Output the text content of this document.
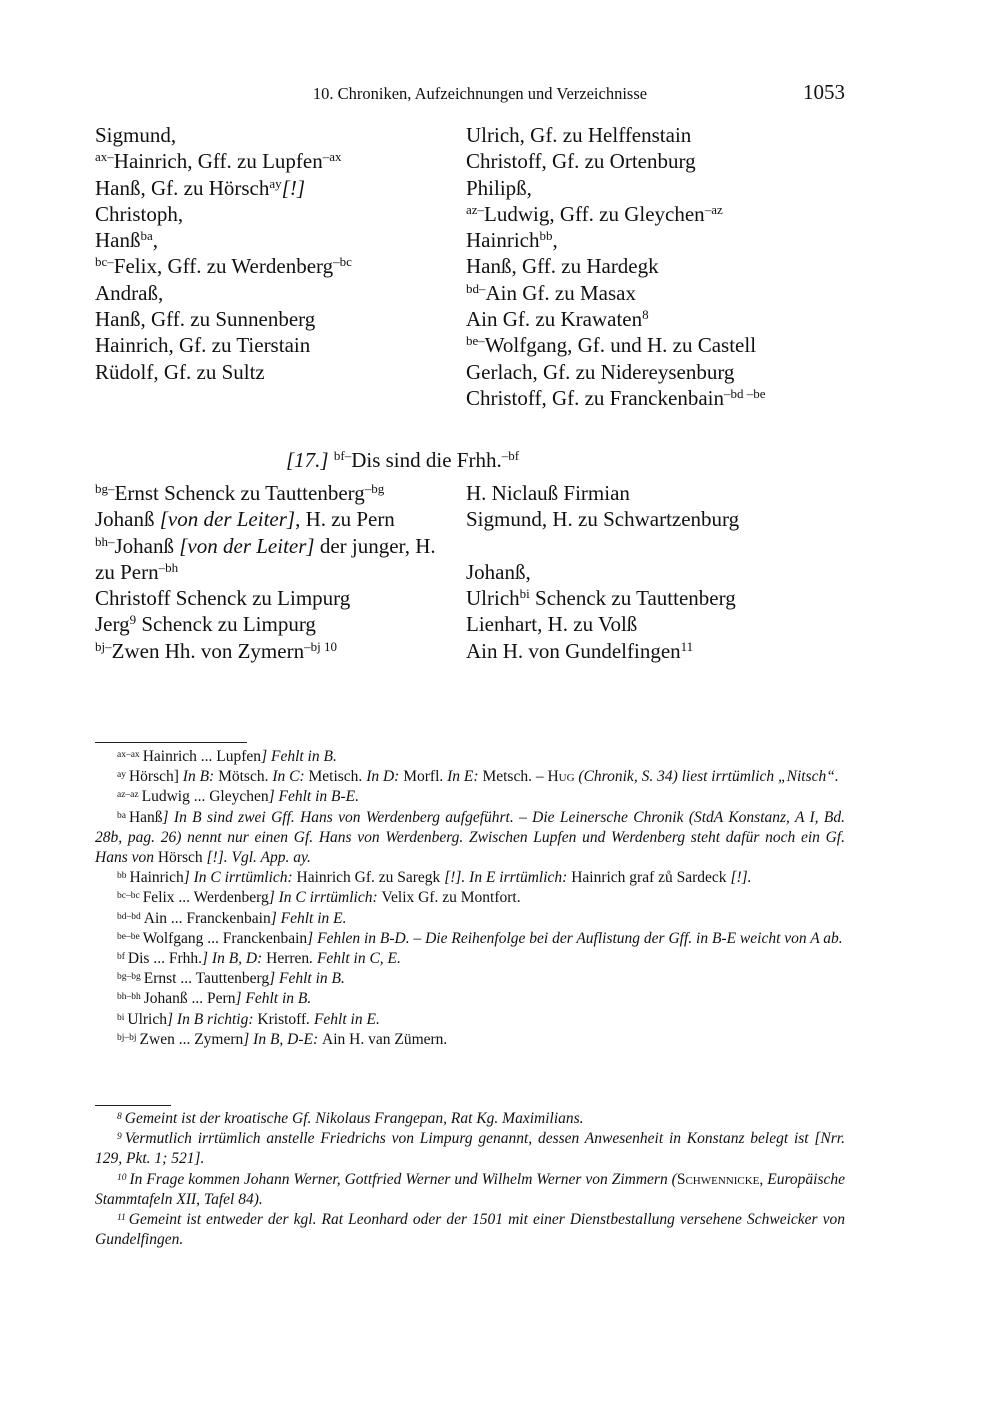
10. Chroniken, Aufzeichnungen und Verzeichnisse	1053
Sigmund,
$^{ax-}$Hainrich, Gff. zu Lupfen$^{-ax}$
Hanß, Gf. zu Hörsch$^{ay}$[!]
Christoph,
Hanß$^{ba}$,
$^{bc-}$Felix, Gff. zu Werdenberg$^{-bc}$
Andraß,
Hanß, Gff. zu Sunnenberg
Hainrich, Gf. zu Tierstain
Rüdolf, Gf. zu Sultz
Ulrich, Gf. zu Helffenstain
Christoff, Gf. zu Ortenburg
Philipß,
$^{az-}$Ludwig, Gff. zu Gleychen$^{-az}$
Hainrich$^{bb}$,
Hanß, Gff. zu Hardegk
$^{bd-}$Ain Gf. zu Masax
Ain Gf. zu Krawaten$^8$
$^{be-}$Wolfgang, Gf. und H. zu Castell
Gerlach, Gf. zu Nidereysenburg
Christoff, Gf. zu Franckenbain$^{-bd -be}$
[17.] $^{bf-}$Dis sind die Frhh.$^{-bf}$
$^{bg-}$Ernst Schenck zu Tauttenberg$^{-bg}$
Johanß [von der Leiter], H. zu Pern
$^{bh-}$Johanß [von der Leiter] der junger, H.
zu Pern$^{-bh}$
Christoff Schenck zu Limpurg
Jerg$^9$ Schenck zu Limpurg
$^{bj-}$Zwen Hh. von Zymern$^{-bj 10}$
H. Niclauß Firmian
Sigmund, H. zu Schwartzenburg
Johanß,
Ulrich$^{bi}$ Schenck zu Tauttenberg
Lienhart, H. zu Volß
Ain H. von Gundelfingen$^{11}$
$^{ax-ax}$ Hainrich ... Lupfen] Fehlt in B.
$^{ay}$ Hörsch] In B: Mötsch. In C: Metisch. In D: Morfl. In E: Metsch. – Hug (Chronik, S. 34) liest irrtümlich „Nitsch“.
$^{az-az}$ Ludwig ... Gleychen] Fehlt in B-E.
$^{ba}$ Hanß] In B sind zwei Gff. Hans von Werdenberg aufgeführt. – Die Leinersche Chronik (StdA Konstanz, A I, Bd. 28b, pag. 26) nennt nur einen Gf. Hans von Werdenberg. Zwischen Lupfen und Werdenberg steht dafür noch ein Gf. Hans von Hörsch [!]. Vgl. App. ay.
$^{bb}$ Hainrich] In C irrtümlich: Hainrich Gf. zu Saregk [!]. In E irrtümlich: Hainrich graf zů Sardeck [!].
$^{bc-bc}$ Felix ... Werdenberg] In C irrtümlich: Velix Gf. zu Montfort.
$^{bd-bd}$ Ain ... Franckenbain] Fehlt in E.
$^{be-be}$ Wolfgang ... Franckenbain] Fehlen in B-D. – Die Reihenfolge bei der Auflistung der Gff. in B-E weicht von A ab.
$^{bf}$ Dis ... Frhh.] In B, D: Herren. Fehlt in C, E.
$^{bg-bg}$ Ernst ... Tauttenberg] Fehlt in B.
$^{bh-bh}$ Johanß ... Pern] Fehlt in B.
$^{bi}$ Ulrich] In B richtig: Kristoff. Fehlt in E.
$^{bj-bj}$ Zwen ... Zymern] In B, D-E: Ain H. van Zümern.
$^8$ Gemeint ist der kroatische Gf. Nikolaus Frangepan, Rat Kg. Maximilians.
$^9$ Vermutlich irrtümlich anstelle Friedrichs von Limpurg genannt, dessen Anwesenheit in Konstanz belegt ist [Nrr. 129, Pkt. 1; 521].
$^{10}$ In Frage kommen Johann Werner, Gottfried Werner und Wilhelm Werner von Zimmern (Schwennicke, Europäische Stammtafeln XII, Tafel 84).
$^{11}$ Gemeint ist entweder der kgl. Rat Leonhard oder der 1501 mit einer Dienstbestallung versehene Schweicker von Gundelfingen.
